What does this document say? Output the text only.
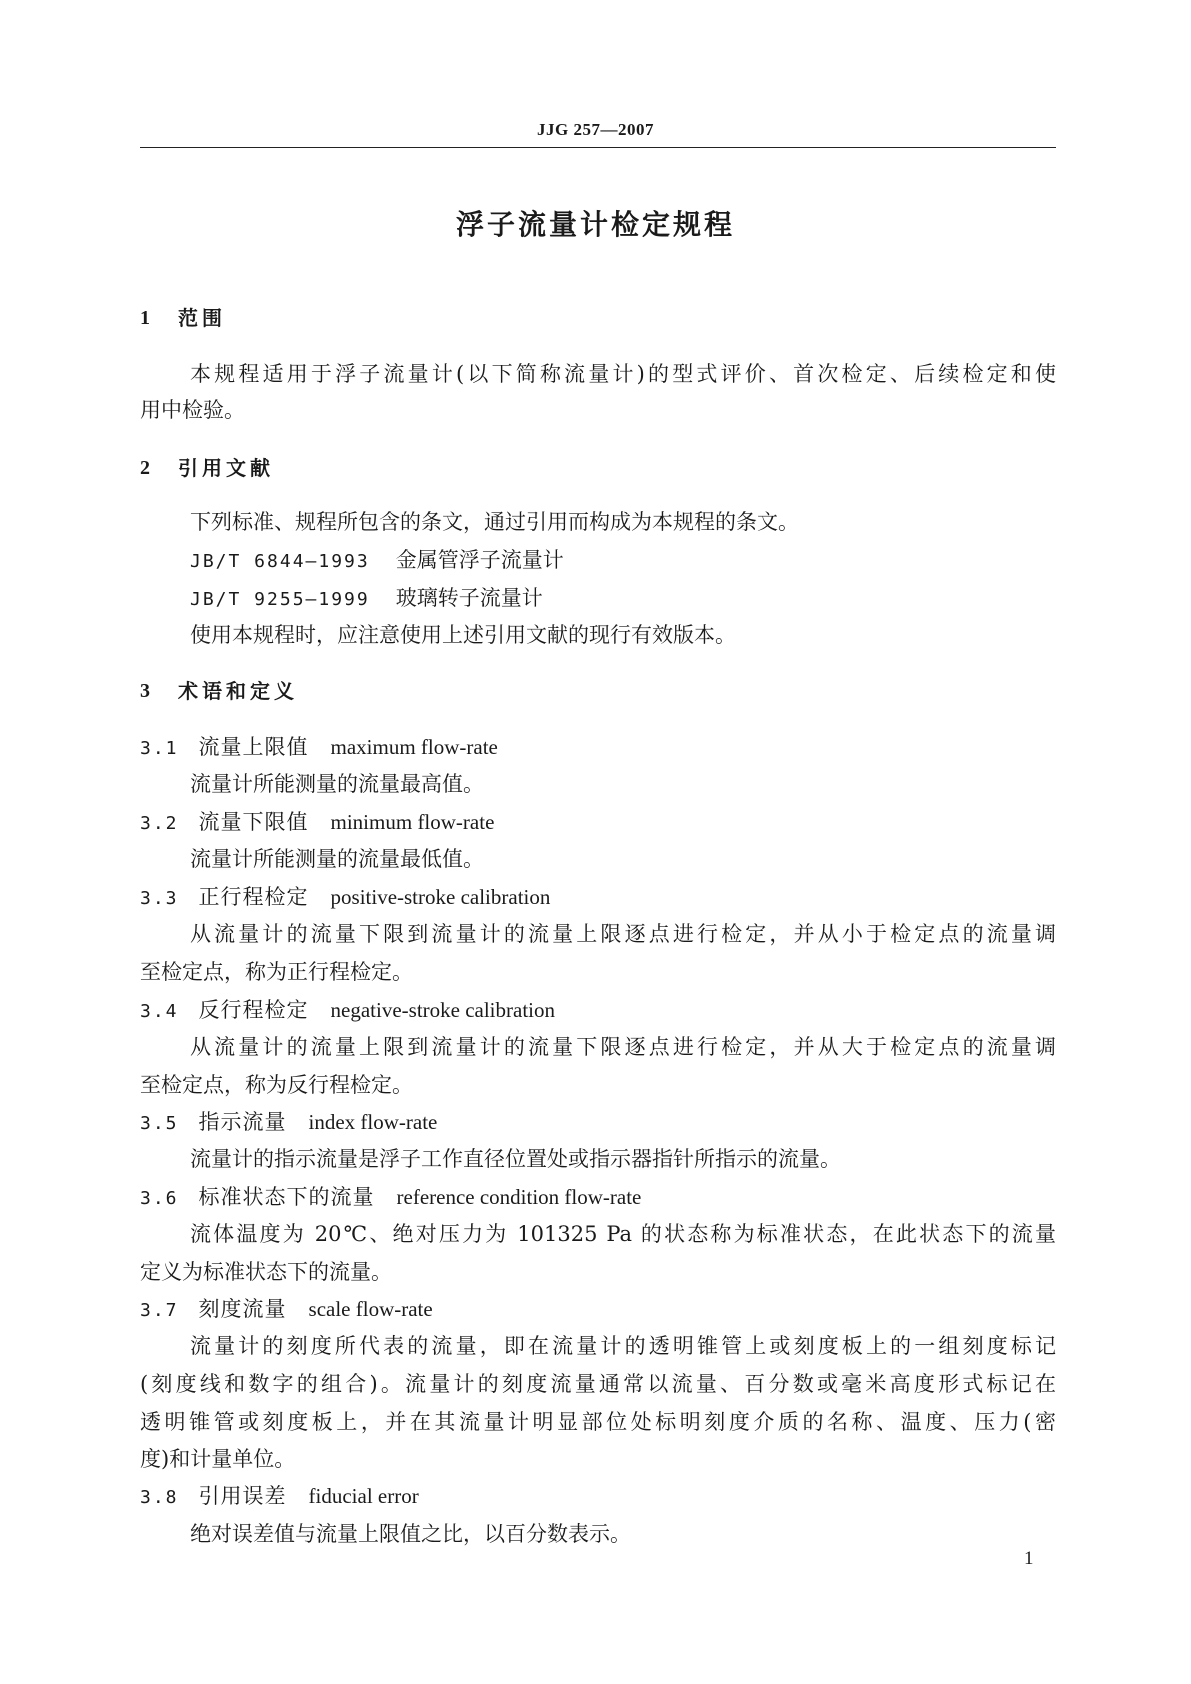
JJG 257—2007
浮子流量计检定规程
1 范围
本规程适用于浮子流量计(以下简称流量计)的型式评价、首次检定、后续检定和使
用中检验。
2 引用文献
下列标准、规程所包含的条文，通过引用而构成为本规程的条文。
JB/T 6844—1993 金属管浮子流量计
JB/T 9255—1999 玻璃转子流量计
使用本规程时，应注意使用上述引用文献的现行有效版本。
3 术语和定义
3.1 流量上限值 maximum flow-rate
流量计所能测量的流量最高值。
3.2 流量下限值 minimum flow-rate
流量计所能测量的流量最低值。
3.3 正行程检定 positive-stroke calibration
从流量计的流量下限到流量计的流量上限逐点进行检定，并从小于检定点的流量调
至检定点，称为正行程检定。
3.4 反行程检定 negative-stroke calibration
从流量计的流量上限到流量计的流量下限逐点进行检定，并从大于检定点的流量调
至检定点，称为反行程检定。
3.5 指示流量 index flow-rate
流量计的指示流量是浮子工作直径位置处或指示器指针所指示的流量。
3.6 标准状态下的流量 reference condition flow-rate
流体温度为 20℃、绝对压力为 101325 Pa 的状态称为标准状态，在此状态下的流量
定义为标准状态下的流量。
3.7 刻度流量 scale flow-rate
流量计的刻度所代表的流量，即在流量计的透明锥管上或刻度板上的一组刻度标记
(刻度线和数字的组合)。流量计的刻度流量通常以流量、百分数或毫米高度形式标记在
透明锥管或刻度板上，并在其流量计明显部位处标明刻度介质的名称、温度、压力(密
度)和计量单位。
3.8 引用误差 fiducial error
绝对误差值与流量上限值之比，以百分数表示。
1
